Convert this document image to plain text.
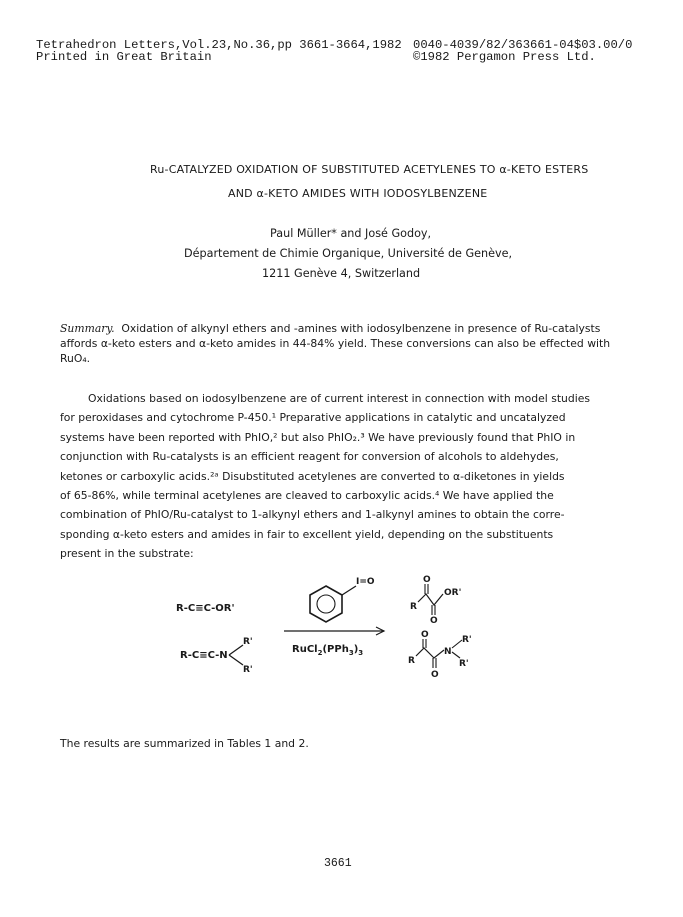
Tetrahedron Letters,Vol.23,No.36,pp 3661-3664,1982
Printed in Great Britain
0040-4039/82/363661-04$03.00/0
©1982 Pergamon Press Ltd.
Ru-CATALYZED OXIDATION OF SUBSTITUTED ACETYLENES TO α-KETO ESTERS
AND α-KETO AMIDES WITH IODOSYLBENZENE
Paul Müller* and José Godoy,
Département de Chimie Organique, Université de Genève,
1211 Genève 4, Switzerland
Summary. Oxidation of alkynyl ethers and -amines with iodosylbenzene in presence of Ru-catalysts affords α-keto esters and α-keto amides in 44-84% yield. These conversions can also be effected with RuO₄.
Oxidations based on iodosylbenzene are of current interest in connection with model studies
for peroxidases and cytochrome P-450.¹ Preparative applications in catalytic and uncatalyzed
systems have been reported with PhIO,² but also PhIO₂.³ We have previously found that PhIO in
conjunction with Ru-catalysts is an efficient reagent for conversion of alcohols to aldehydes,
ketones or carboxylic acids.²ᵃ Disubstituted acetylenes are converted to α-diketones in yields
of 65-86%, while terminal acetylenes are cleaved to carboxylic acids.⁴ We have applied the
combination of PhIO/Ru-catalyst to 1-alkynyl ethers and 1-alkynyl amines to obtain the corre-
sponding α-keto esters and amides in fair to excellent yield, depending on the substituents
present in the substrate:
R-C≡C-OR'
R-C≡C-N
R'
R'
I=O
$RuCl_2(PPh_3)_3$
R
O
O
OR'
R
O
O
N
R'
R'
The results are summarized in Tables 1 and 2.
3661
